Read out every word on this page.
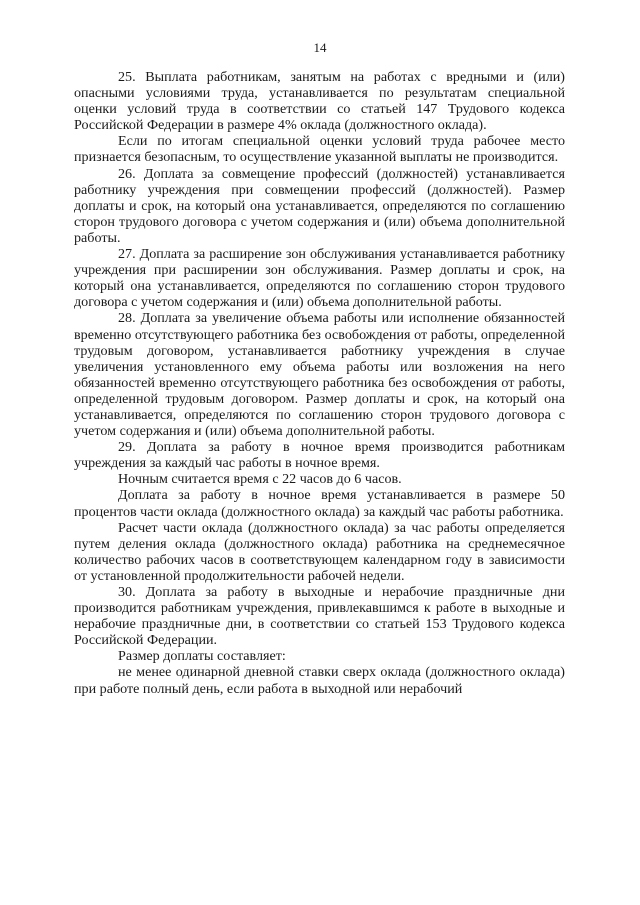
14

25. Выплата работникам, занятым на работах с вредными и (или) опасными условиями труда, устанавливается по результатам специальной оценки условий труда в соответствии со статьей 147 Трудового кодекса Российской Федерации в размере 4% оклада (должностного оклада).

Если по итогам специальной оценки условий труда рабочее место признается безопасным, то осуществление указанной выплаты не производится.

26. Доплата за совмещение профессий (должностей) устанавливается работнику учреждения при совмещении профессий (должностей). Размер доплаты и срок, на который она устанавливается, определяются по соглашению сторон трудового договора с учетом содержания и (или) объема дополнительной работы.

27. Доплата за расширение зон обслуживания устанавливается работнику учреждения при расширении зон обслуживания. Размер доплаты и срок, на который она устанавливается, определяются по соглашению сторон трудового договора с учетом содержания и (или) объема дополнительной работы.

28. Доплата за увеличение объема работы или исполнение обязанностей временно отсутствующего работника без освобождения от работы, определенной трудовым договором, устанавливается работнику учреждения в случае увеличения установленного ему объема работы или возложения на него обязанностей временно отсутствующего работника без освобождения от работы, определенной трудовым договором. Размер доплаты и срок, на который она устанавливается, определяются по соглашению сторон трудового договора с учетом содержания и (или) объема дополнительной работы.

29. Доплата за работу в ночное время производится работникам учреждения за каждый час работы в ночное время.

Ночным считается время с 22 часов до 6 часов.

Доплата за работу в ночное время устанавливается в размере 50 процентов части оклада (должностного оклада) за каждый час работы работника.

Расчет части оклада (должностного оклада) за час работы определяется путем деления оклада (должностного оклада) работника на среднемесячное количество рабочих часов в соответствующем календарном году в зависимости от установленной продолжительности рабочей недели.

30. Доплата за работу в выходные и нерабочие праздничные дни производится работникам учреждения, привлекавшимся к работе в выходные и нерабочие праздничные дни, в соответствии со статьей 153 Трудового кодекса Российской Федерации.

Размер доплаты составляет:

не менее одинарной дневной ставки сверх оклада (должностного оклада) при работе полный день, если работа в выходной или нерабочий
